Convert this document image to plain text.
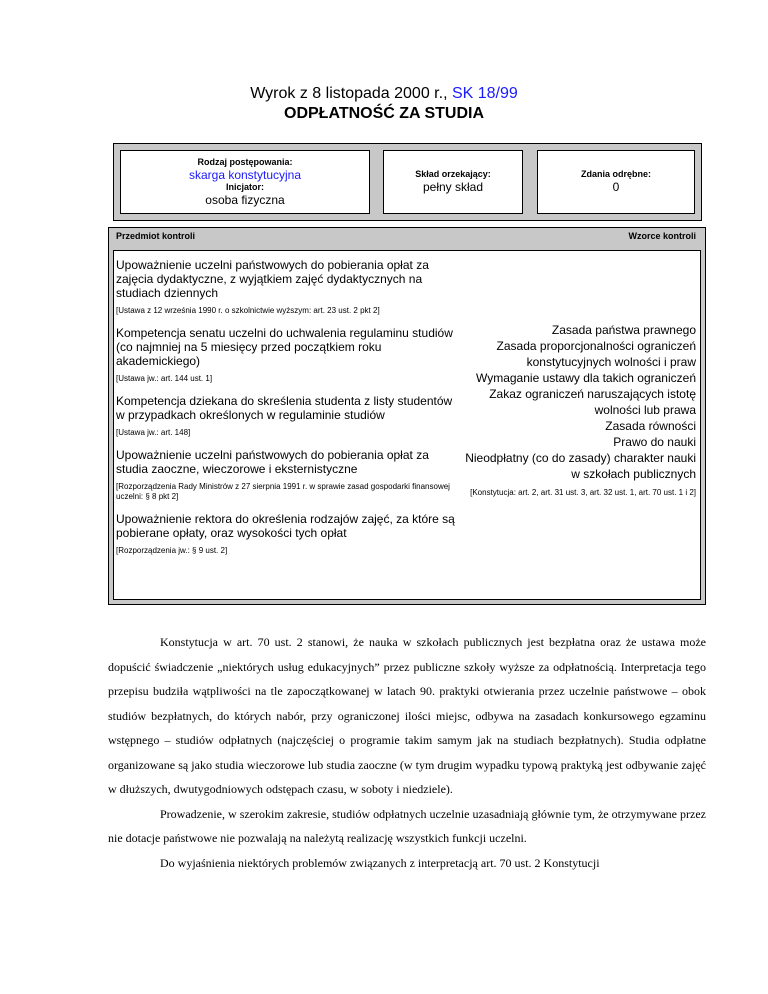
Wyrok z 8 listopada 2000 r., SK 18/99
ODPŁATNOŚĆ ZA STUDIA
Rodzaj postępowania:
skarga konstytucyjna
Inicjator:
osoba fizyczna
Skład orzekający:
pełny skład
Zdania odrębne:
0
Przedmiot kontroli	Wzorce kontroli
Upoważnienie uczelni państwowych do pobierania opłat za zajęcia dydaktyczne, z wyjątkiem zajęć dydaktycznych na studiach dziennych
[Ustawa z 12 września 1990 r. o szkolnictwie wyższym: art. 23 ust. 2 pkt 2]
Kompetencja senatu uczelni do uchwalenia regulaminu studiów (co najmniej na 5 miesięcy przed początkiem roku akademickiego)
[Ustawa jw.: art. 144 ust. 1]
Kompetencja dziekana do skreślenia studenta z listy studentów w przypadkach określonych w regulaminie studiów
[Ustawa jw.: art. 148]
Upoważnienie uczelni państwowych do pobierania opłat za studia zaoczne, wieczorowe i eksternistyczne
[Rozporządzenia Rady Ministrów z 27 sierpnia 1991 r. w sprawie zasad gospodarki finansowej uczelni: § 8 pkt 2]
Upoważnienie rektora do określenia rodzajów zajęć, za które są pobierane opłaty, oraz wysokości tych opłat
[Rozporządzenia jw.: § 9 ust. 2]
Zasada państwa prawnego
Zasada proporcjonalności ograniczeń konstytucyjnych wolności i praw
Wymaganie ustawy dla takich ograniczeń
Zakaz ograniczeń naruszających istotę wolności lub prawa
Zasada równości
Prawo do nauki
Nieodpłatny (co do zasady) charakter nauki w szkołach publicznych
[Konstytucja: art. 2, art. 31 ust. 3, art. 32 ust. 1, art. 70 ust. 1 i 2]

Konstytucja w art. 70 ust. 2 stanowi, że nauka w szkołach publicznych jest bezpłatna oraz że ustawa może dopuścić świadczenie „niektórych usług edukacyjnych” przez publiczne szkoły wyższe za odpłatnością. Interpretacja tego przepisu budziła wątpliwości na tle zapoczątkowanej w latach 90. praktyki otwierania przez uczelnie państwowe – obok studiów bezpłatnych, do których nabór, przy ograniczonej ilości miejsc, odbywa na zasadach konkursowego egzaminu wstępnego – studiów odpłatnych (najczęściej o programie takim samym jak na studiach bezpłatnych). Studia odpłatne organizowane są jako studia wieczorowe lub studia zaoczne (w tym drugim wypadku typową praktyką jest odbywanie zajęć w dłuższych, dwutygodniowych odstępach czasu, w soboty i niedziele).

Prowadzenie, w szerokim zakresie, studiów odpłatnych uczelnie uzasadniają głównie tym, że otrzymywane przez nie dotacje państwowe nie pozwalają na należytą realizację wszystkich funkcji uczelni.

Do wyjaśnienia niektórych problemów związanych z interpretacją art. 70 ust. 2 Konstytucji
